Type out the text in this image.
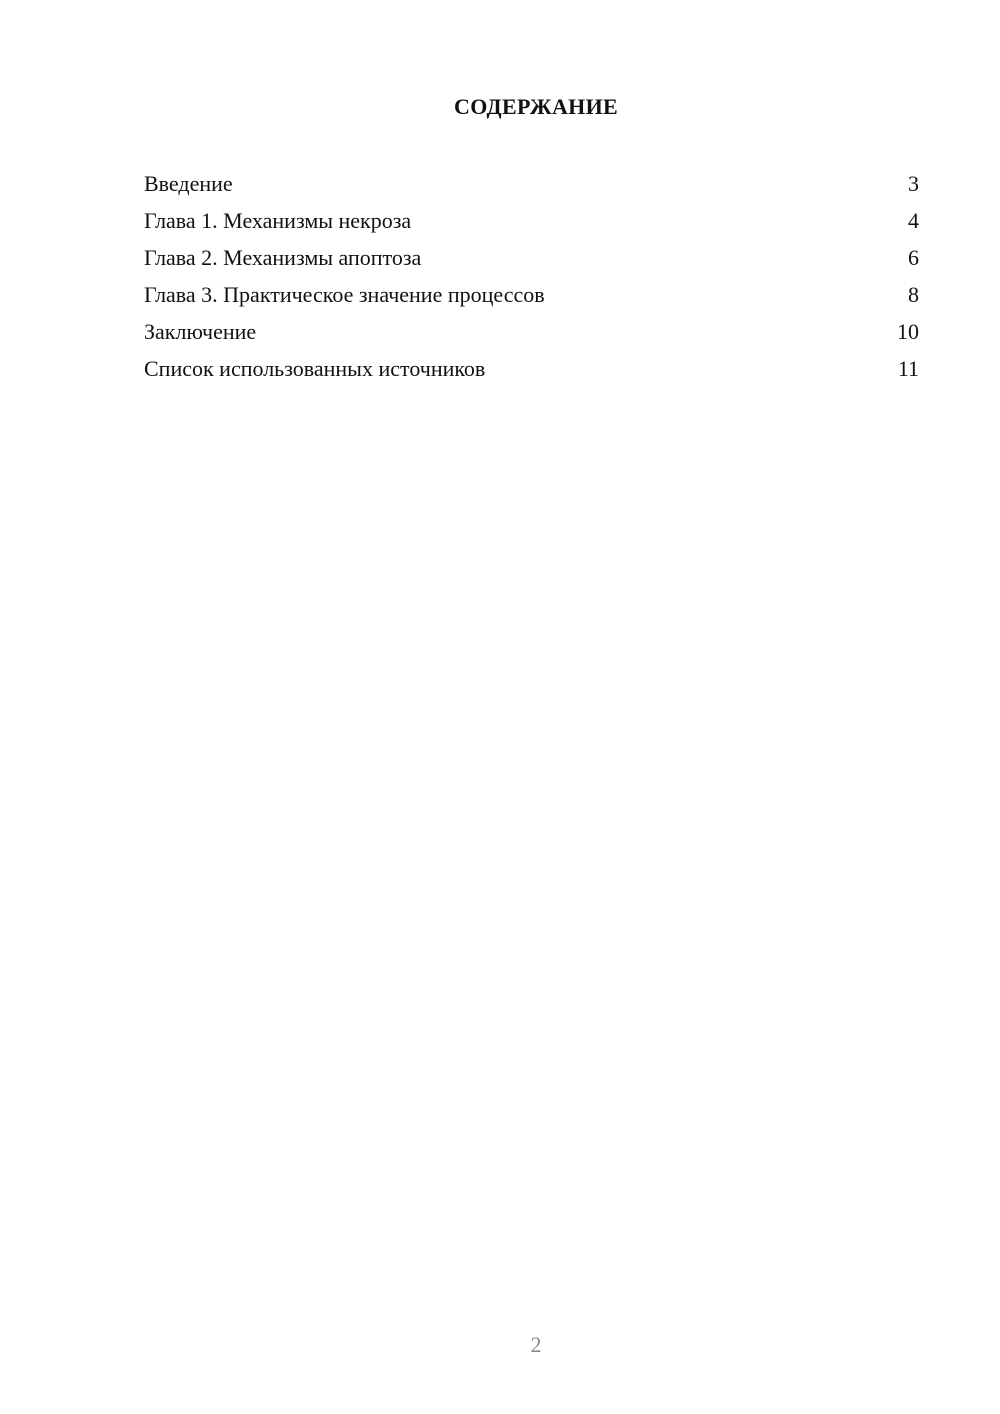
СОДЕРЖАНИЕ
Введение	3
Глава 1. Механизмы некроза	4
Глава 2. Механизмы апоптоза	6
Глава 3. Практическое значение процессов	8
Заключение	10
Список использованных источников	11
2
